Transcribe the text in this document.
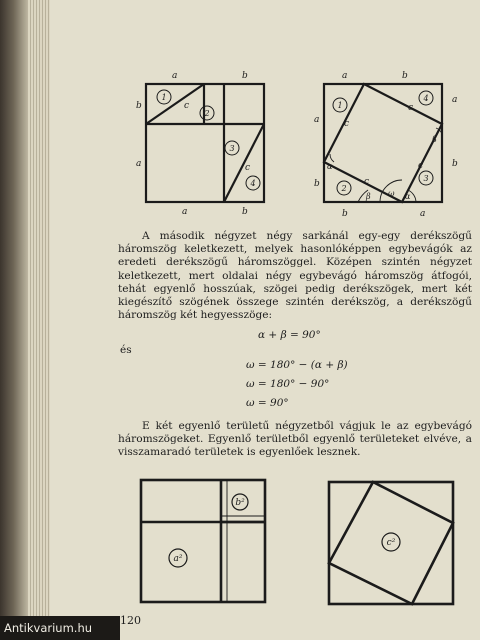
a	b
b
a
a	b
c
c
1
2
3
4
a	b
a
b
a
b
b	a
c
c
c
c
α
β ω α
β
1
4
2
3

A második négyzet négy sarkánál egy-egy derékszögű háromszög keletkezett, melyek hasonlóképpen egybevágók az eredeti derékszögű háromszöggel. Középen szintén négyzet keletkezett, mert oldalai négy egybevágó háromszög átfogói, tehát egyenlő hosszúak, szögei pedig derékszögek, mert két kiegészítő szögének összege szintén derékszög, a derékszögű háromszög két hegyesszöge:

α + β = 90°
és
ω = 180° − (α + β)
ω = 180° − 90°
ω = 90°

E két egyenlő területű négyzetből vágjuk le az egybevágó háromszögeket. Egyenlő területből egyenlő területeket elvéve, a visszamaradó területek is egyenlőek lesznek.

b²
a²
c²
120
Antikvarium.hu
